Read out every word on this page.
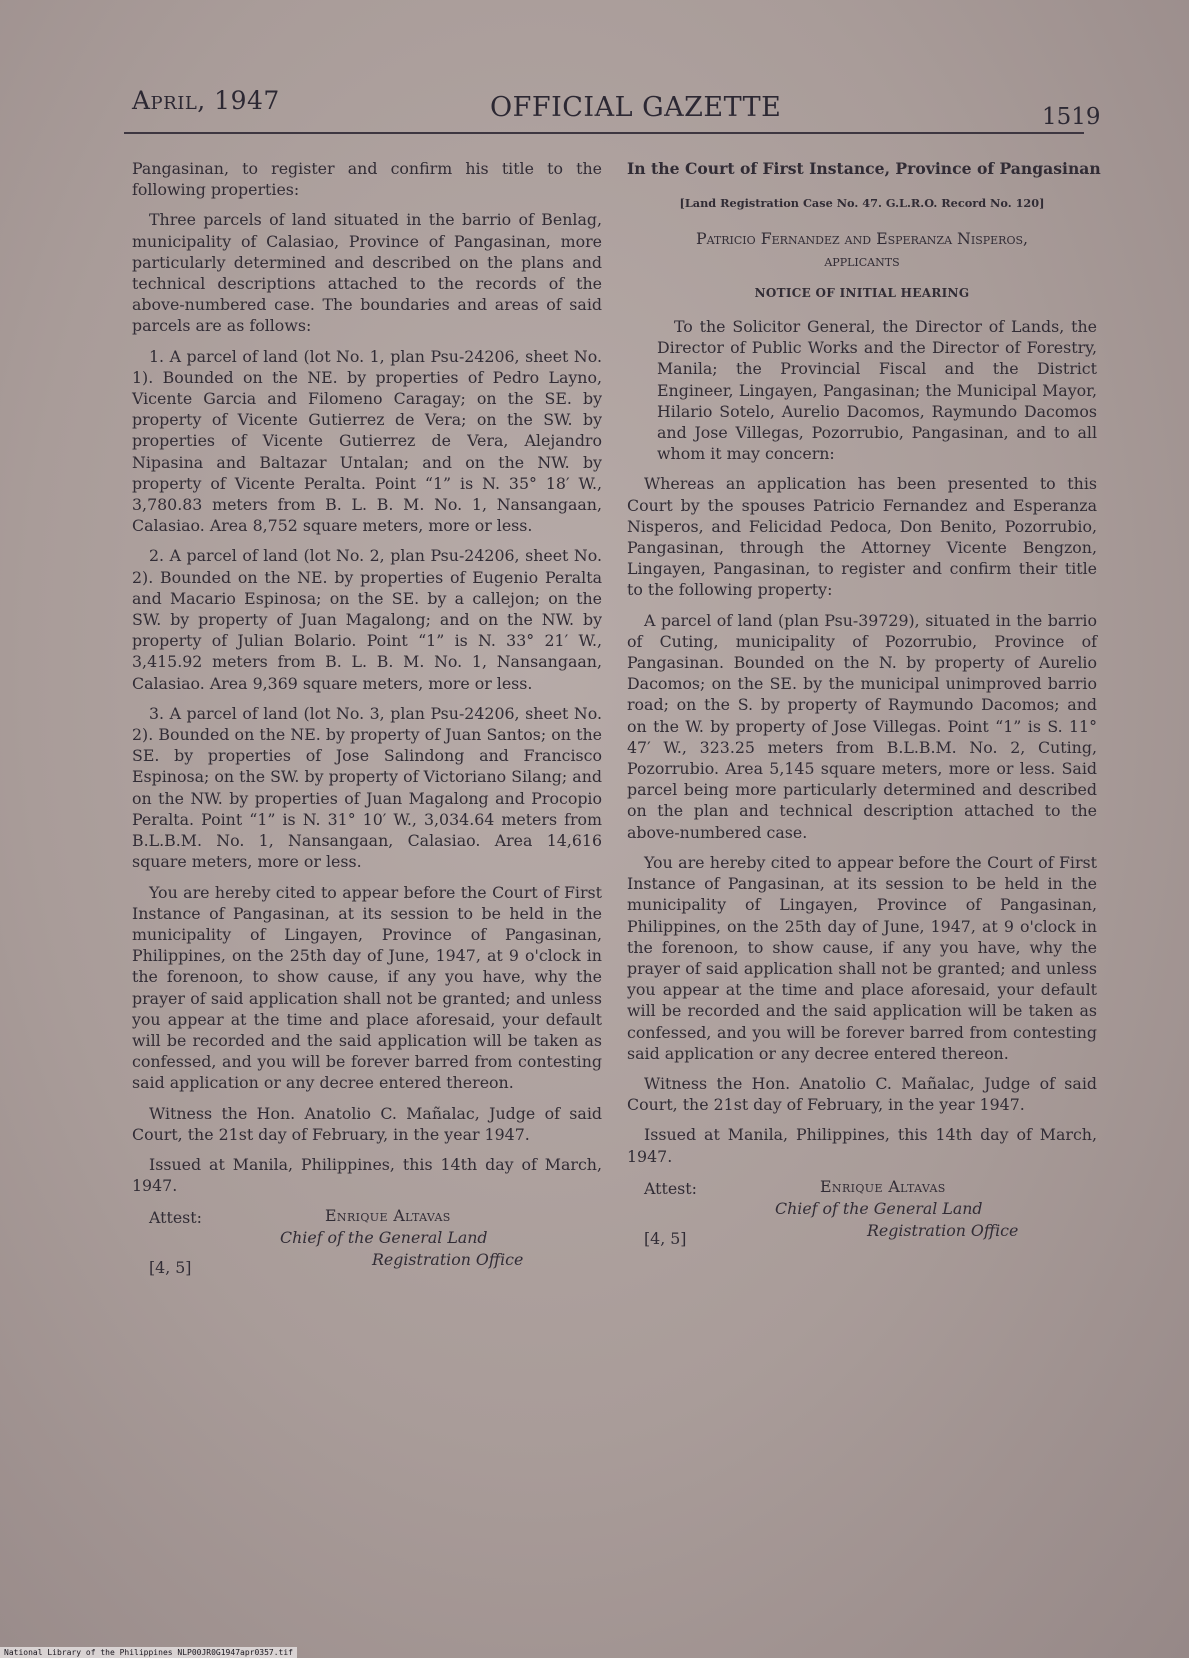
April, 1947	OFFICIAL GAZETTE	1519

Pangasinan, to register and confirm his title to the following properties:

Three parcels of land situated in the barrio of Benlag, municipality of Calasiao, Province of Pangasinan, more particularly determined and described on the plans and technical descriptions attached to the records of the above-numbered case. The boundaries and areas of said parcels are as follows:

1. A parcel of land (lot No. 1, plan Psu-24206, sheet No. 1). Bounded on the NE. by properties of Pedro Layno, Vicente Garcia and Filomeno Caragay; on the SE. by property of Vicente Gutierrez de Vera; on the SW. by properties of Vicente Gutierrez de Vera, Alejandro Nipasina and Baltazar Untalan; and on the NW. by property of Vicente Peralta. Point “1” is N. 35° 18′ W., 3,780.83 meters from B. L. B. M. No. 1, Nansangaan, Calasiao. Area 8,752 square meters, more or less.

2. A parcel of land (lot No. 2, plan Psu-24206, sheet No. 2). Bounded on the NE. by properties of Eugenio Peralta and Macario Espinosa; on the SE. by a callejon; on the SW. by property of Juan Magalong; and on the NW. by property of Julian Bolario. Point “1” is N. 33° 21′ W., 3,415.92 meters from B. L. B. M. No. 1, Nansangaan, Calasiao. Area 9,369 square meters, more or less.

3. A parcel of land (lot No. 3, plan Psu-24206, sheet No. 2). Bounded on the NE. by property of Juan Santos; on the SE. by properties of Jose Salindong and Francisco Espinosa; on the SW. by property of Victoriano Silang; and on the NW. by properties of Juan Magalong and Procopio Peralta. Point “1” is N. 31° 10′ W., 3,034.64 meters from B.L.B.M. No. 1, Nansangaan, Calasiao. Area 14,616 square meters, more or less.

You are hereby cited to appear before the Court of First Instance of Pangasinan, at its session to be held in the municipality of Lingayen, Province of Pangasinan, Philippines, on the 25th day of June, 1947, at 9 o'clock in the forenoon, to show cause, if any you have, why the prayer of said application shall not be granted; and unless you appear at the time and place aforesaid, your default will be recorded and the said application will be taken as confessed, and you will be forever barred from contesting said application or any decree entered thereon.

Witness the Hon. Anatolio C. Mañalac, Judge of said Court, the 21st day of February, in the year 1947.

Issued at Manila, Philippines, this 14th day of March, 1947.

Attest:	Enrique Altavas
Chief of the General Land
Registration Office
[4, 5]
In the Court of First Instance, Province of Pangasinan
[Land Registration Case No. 47. G.L.R.O. Record No. 120]
Patricio Fernandez and Esperanza Nisperos,
applicants
NOTICE OF INITIAL HEARING

To the Solicitor General, the Director of Lands, the Director of Public Works and the Director of Forestry, Manila; the Provincial Fiscal and the District Engineer, Lingayen, Pangasinan; the Municipal Mayor, Hilario Sotelo, Aurelio Dacomos, Raymundo Dacomos and Jose Villegas, Pozorrubio, Pangasinan, and to all whom it may concern:

Whereas an application has been presented to this Court by the spouses Patricio Fernandez and Esperanza Nisperos, and Felicidad Pedoca, Don Benito, Pozorrubio, Pangasinan, through the Attorney Vicente Bengzon, Lingayen, Pangasinan, to register and confirm their title to the following property:

A parcel of land (plan Psu-39729), situated in the barrio of Cuting, municipality of Pozorrubio, Province of Pangasinan. Bounded on the N. by property of Aurelio Dacomos; on the SE. by the municipal unimproved barrio road; on the S. by property of Raymundo Dacomos; and on the W. by property of Jose Villegas. Point “1” is S. 11° 47′ W., 323.25 meters from B.L.B.M. No. 2, Cuting, Pozorrubio. Area 5,145 square meters, more or less. Said parcel being more particularly determined and described on the plan and technical description attached to the above-numbered case.

You are hereby cited to appear before the Court of First Instance of Pangasinan, at its session to be held in the municipality of Lingayen, Province of Pangasinan, Philippines, on the 25th day of June, 1947, at 9 o'clock in the forenoon, to show cause, if any you have, why the prayer of said application shall not be granted; and unless you appear at the time and place aforesaid, your default will be recorded and the said application will be taken as confessed, and you will be forever barred from contesting said application or any decree entered thereon.

Witness the Hon. Anatolio C. Mañalac, Judge of said Court, the 21st day of February, in the year 1947.

Issued at Manila, Philippines, this 14th day of March, 1947.

Attest:	Enrique Altavas
Chief of the General Land
Registration Office
[4, 5]
National Library of the Philippines NLP00JR0G1947apr0357.tif
